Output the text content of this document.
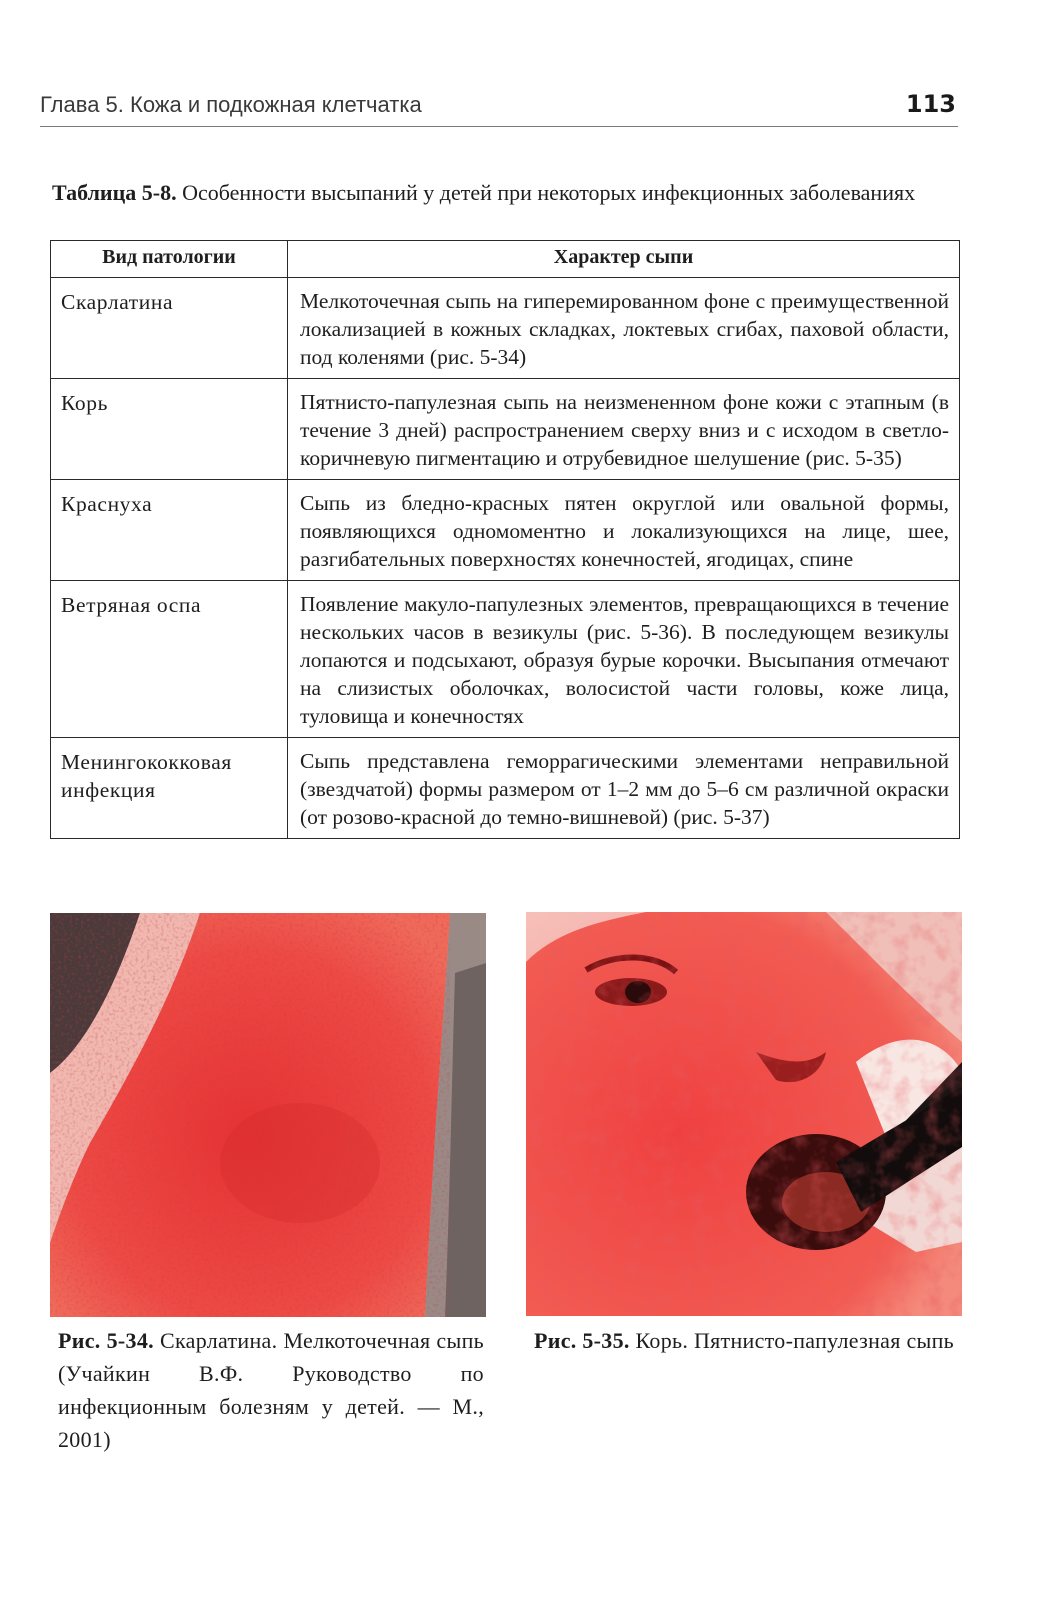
Глава 5. Кожа и подкожная клетчатка	113
Таблица 5-8. Особенности высыпаний у детей при некоторых инфекционных заболеваниях
Вид патологии	Характер сыпи
Скарлатина	Мелкоточечная сыпь на гиперемированном фоне с преимущественной локализацией в кожных складках, локтевых сгибах, паховой области, под коленями (рис. 5-34)
Корь	Пятнисто-папулезная сыпь на неизмененном фоне кожи с этапным (в течение 3 дней) распространением сверху вниз и с исходом в светло-коричневую пигментацию и отрубевидное шелушение (рис. 5-35)
Краснуха	Сыпь из бледно-красных пятен округлой или овальной формы, появляющихся одномоментно и локализующихся на лице, шее, разгибательных поверхностях конечностей, ягодицах, спине
Ветряная оспа	Появление макуло-папулезных элементов, превращающихся в течение нескольких часов в везикулы (рис. 5-36). В последующем везикулы лопаются и подсыхают, образуя бурые корочки. Высыпания отмечают на слизистых оболочках, волосистой части головы, коже лица, туловища и конечностях
Менингококковая инфекция	Сыпь представлена геморрагическими элементами неправильной (звездчатой) формы размером от 1–2 мм до 5–6 см различной окраски (от розово-красной до темно-вишневой) (рис. 5-37)
Рис. 5-34. Скарлатина. Мелкоточечная сыпь (Учайкин В.Ф. Руководство по инфекционным болезням у детей. — М., 2001)
Рис. 5-35. Корь. Пятнисто-папулезная сыпь
